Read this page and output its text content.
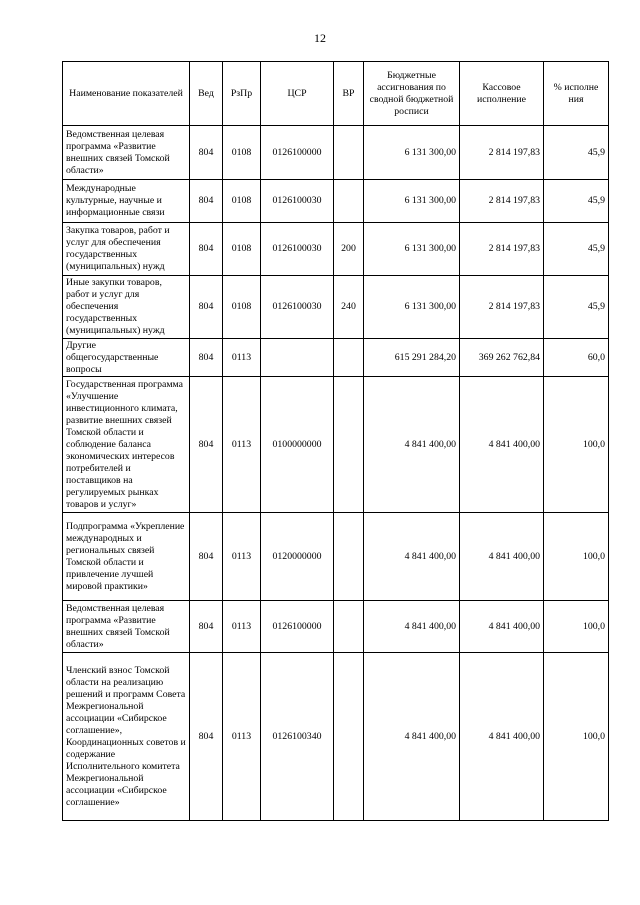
12
Наименование показателей	Вед	РзПр	ЦСР	ВР	Бюджетные ассигнования по сводной бюджетной росписи	Кассовое исполнение	% исполне ния
Ведомственная целевая программа «Развитие внешних связей Томской области»	804	0108	0126100000		6 131 300,00	2 814 197,83	45,9
Международные культурные, научные и информационные связи	804	0108	0126100030		6 131 300,00	2 814 197,83	45,9
Закупка товаров, работ и услуг для обеспечения государственных (муниципальных) нужд	804	0108	0126100030	200	6 131 300,00	2 814 197,83	45,9
Иные закупки товаров, работ и услуг для обеспечения государственных (муниципальных) нужд	804	0108	0126100030	240	6 131 300,00	2 814 197,83	45,9
Другие общегосударственные вопросы	804	0113			615 291 284,20	369 262 762,84	60,0
Государственная программа «Улучшение инвестиционного климата, развитие внешних связей Томской области и соблюдение баланса экономических интересов потребителей и поставщиков на регулируемых рынках товаров и услуг»	804	0113	0100000000		4 841 400,00	4 841 400,00	100,0
Подпрограмма «Укрепление международных и региональных связей Томской области и привлечение лучшей мировой практики»	804	0113	0120000000		4 841 400,00	4 841 400,00	100,0
Ведомственная целевая программа «Развитие внешних связей Томской области»	804	0113	0126100000		4 841 400,00	4 841 400,00	100,0
Членский взнос Томской области на реализацию решений и программ Совета Межрегиональной ассоциации «Сибирское соглашение», Координационных советов и содержание Исполнительного комитета Межрегиональной ассоциации «Сибирское соглашение»	804	0113	0126100340		4 841 400,00	4 841 400,00	100,0
